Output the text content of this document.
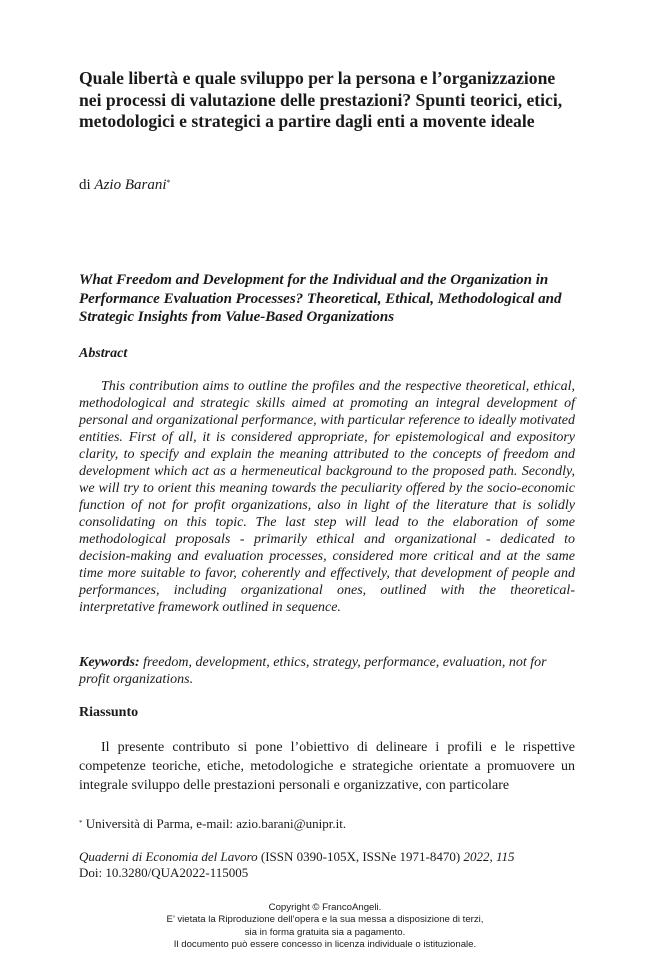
Quale libertà e quale sviluppo per la persona e l’organizzazione nei processi di valutazione delle prestazioni? Spunti teorici, etici, metodologici e strategici a partire dagli enti a movente ideale
di Azio Barani*
What Freedom and Development for the Individual and the Organization in Performance Evaluation Processes? Theoretical, Ethical, Methodological and Strategic Insights from Value-Based Organizations
Abstract

This contribution aims to outline the profiles and the respective theoretical, ethical, methodological and strategic skills aimed at promoting an integral development of personal and organizational performance, with particular reference to ideally motivated entities. First of all, it is considered appropriate, for epistemological and expository clarity, to specify and explain the meaning attributed to the concepts of freedom and development which act as a hermeneutical background to the proposed path. Secondly, we will try to orient this meaning towards the peculiarity offered by the socio-economic function of not for profit organizations, also in light of the literature that is solidly consolidating on this topic. The last step will lead to the elaboration of some methodological proposals - primarily ethical and organizational - dedicated to decision-making and evaluation processes, considered more critical and at the same time more suitable to favor, coherently and effectively, that development of people and performances, including organizational ones, outlined with the theoretical-interpretative framework outlined in sequence.

Keywords: freedom, development, ethics, strategy, performance, evaluation, not for profit organizations.

Riassunto

Il presente contributo si pone l’obiettivo di delineare i profili e le rispettive competenze teoriche, etiche, metodologiche e strategiche orientate a promuovere un integrale sviluppo delle prestazioni personali e organizzative, con particolare

* Università di Parma, e-mail: azio.barani@unipr.it.
Quaderni di Economia del Lavoro (ISSN 0390-105X, ISSNe 1971-8470) 2022, 115
Doi: 10.3280/QUA2022-115005
Copyright © FrancoAngeli.
E’ vietata la Riproduzione dell’opera e la sua messa a disposizione di terzi,
sia in forma gratuita sia a pagamento.
Il documento può essere concesso in licenza individuale o istituzionale.
